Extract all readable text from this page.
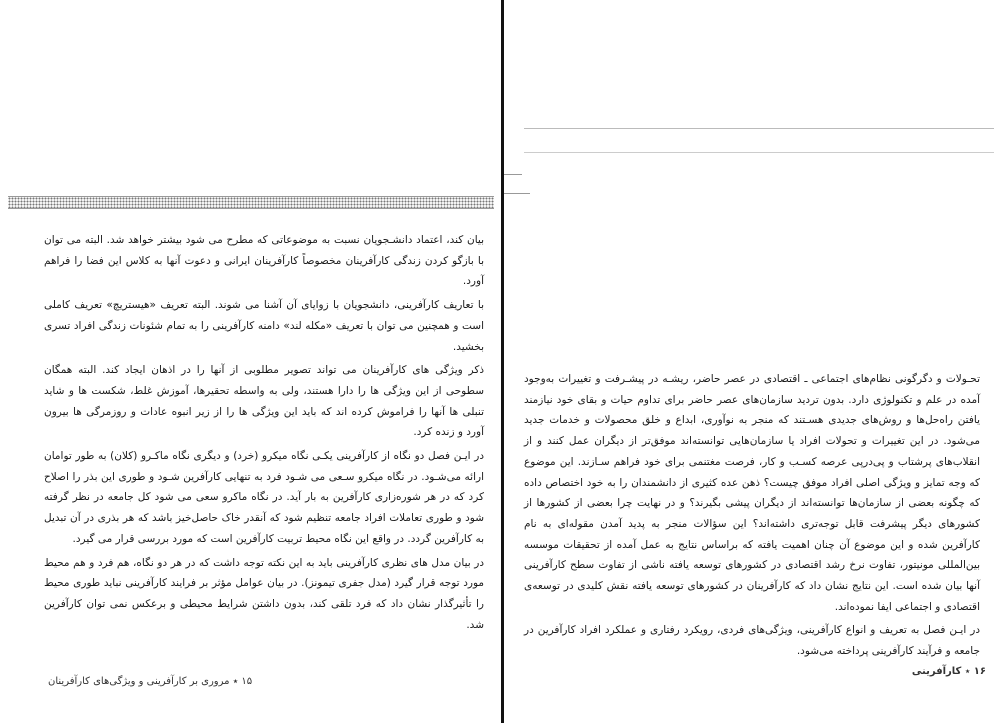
بیان کند، اعتماد دانشـجویان نسبت به موضوعاتی که مطرح می شود بیشتر خواهد شد. البته می توان با بازگو کردن زندگی کارآفرینان مخصوصاً کارآفرینان ایرانی و دعوت آنها به کلاس این فضا را فراهم آورد.

با تعاریف کارآفرینی، دانشجویان با زوایای آن آشنا می شوند. البته تعریف «هیستریچ» تعریف کاملی است و همچنین می توان با تعریف «مکله لند» دامنه کارآفرینی را به تمام شئونات زندگی افراد تسری بخشید.

ذکر ویژگی های کارآفرینان می تواند تصویر مطلوبی از آنها را در اذهان ایجاد کند. البته همگان سطوحی از این ویژگی ها را دارا هستند، ولی به واسطه تحقیرها، آموزش غلط، شکست ها و شاید تنبلی ها آنها را فراموش کرده اند که باید این ویژگی ها را از زیر انبوه عادات و روزمرگی ها بیرون آورد و زنده کرد.

در ایـن فصل دو نگاه از کارآفرینی یکـی نگاه میکرو (خرد) و دیگری نگاه ماکـرو (کلان) به طور توامان ارائه می‌شـود. در نگاه میکرو سـعی می شـود فرد به تنهایی کارآفرین شـود و طوری این بذر را اصلاح کرد که در هر شوره‌زاری کارآفرین به بار آید. در نگاه ماکرو سعی می شود کل جامعه در نظر گرفته شود و طوری تعاملات افراد جامعه تنظیم شود که آنقدر خاک حاصل‌خیز باشد که هر بذری در آن تبدیل به کارآفرین گردد. در واقع این نگاه محیط تربیت کارآفرین است که مورد بررسی قرار می گیرد.

در بیان مدل های نظری کارآفرینی باید به این نکته توجه داشت که در هر دو نگاه، هم فرد و هم محیط مورد توجه قرار گیرد (مدل جفری تیمونز). در بیان عوامل مؤثر بر فرایند کارآفرینی نباید طوری محیط را تأثیرگذار نشان داد که فرد تلقی کند، بدون داشتن شرایط محیطی و برعکس نمی توان کارآفرین شد.

تحـولات و دگرگونی نظام‌های اجتماعی ـ اقتصادی در عصر حاضر، ریشـه در پیشـرفت و تغییرات به‌وجود آمده در علم و تکنولوژی دارد. بدون تردید سازمان‌های عصر حاضر برای تداوم حیات و بقای خود نیازمند یافتن راه‌حل‌ها و روش‌های جدیدی هسـتند که منجر به نوآوری، ابداع و خلق محصولات و خدمات جدید می‌شود. در این تغییرات و تحولات افراد یا سازمان‌هایی توانسته‌اند موفق‌تر از دیگران عمل کنند و از انقلاب‌های پرشتاب و پی‌درپی عرصه کسـب و کار، فرصت مغتنمی برای خود فراهم سـازند. این موضوع که وجه تمایز و ویژگی اصلی افراد موفق چیست؟ ذهن عده کثیری از دانشمندان را به خود اختصاص داده که چگونه بعضی از سازمان‌ها توانسته‌اند از دیگران پیشی بگیرند؟ و در نهایت چرا بعضی از کشورها از کشورهای دیگر پیشرفت قابل توجه‌تری داشته‌اند؟ این سؤالات منجر به پدید آمدن مقوله‌ای به نام کارآفرین شده و این موضوع آن چنان اهمیت یافته که براساس نتایج به عمل آمده از تحقیقات موسسه بین‌المللی مونیتور، تفاوت نرخ رشد اقتصادی در کشورهای توسعه یافته ناشی از تفاوت سطح کارآفرینی آنها بیان شده است. این نتایج نشان داد که کارآفرینان در کشورهای توسعه یافته نقش کلیدی در توسعه‌ی اقتصادی و اجتماعی ایفا نموده‌اند.

در ایـن فصل به تعریف و انواع کارآفرینی، ویژگی‌های فردی، رویکرد رفتاری و عملکرد افراد کارآفرین در جامعه و فرآیند کارآفرینی پرداخته می‌شود.

۱۵ ٭ مروری بر کارآفرینی و ویژگی‌های کارآفرینان
۱۶ ٭ کارآفرینی
